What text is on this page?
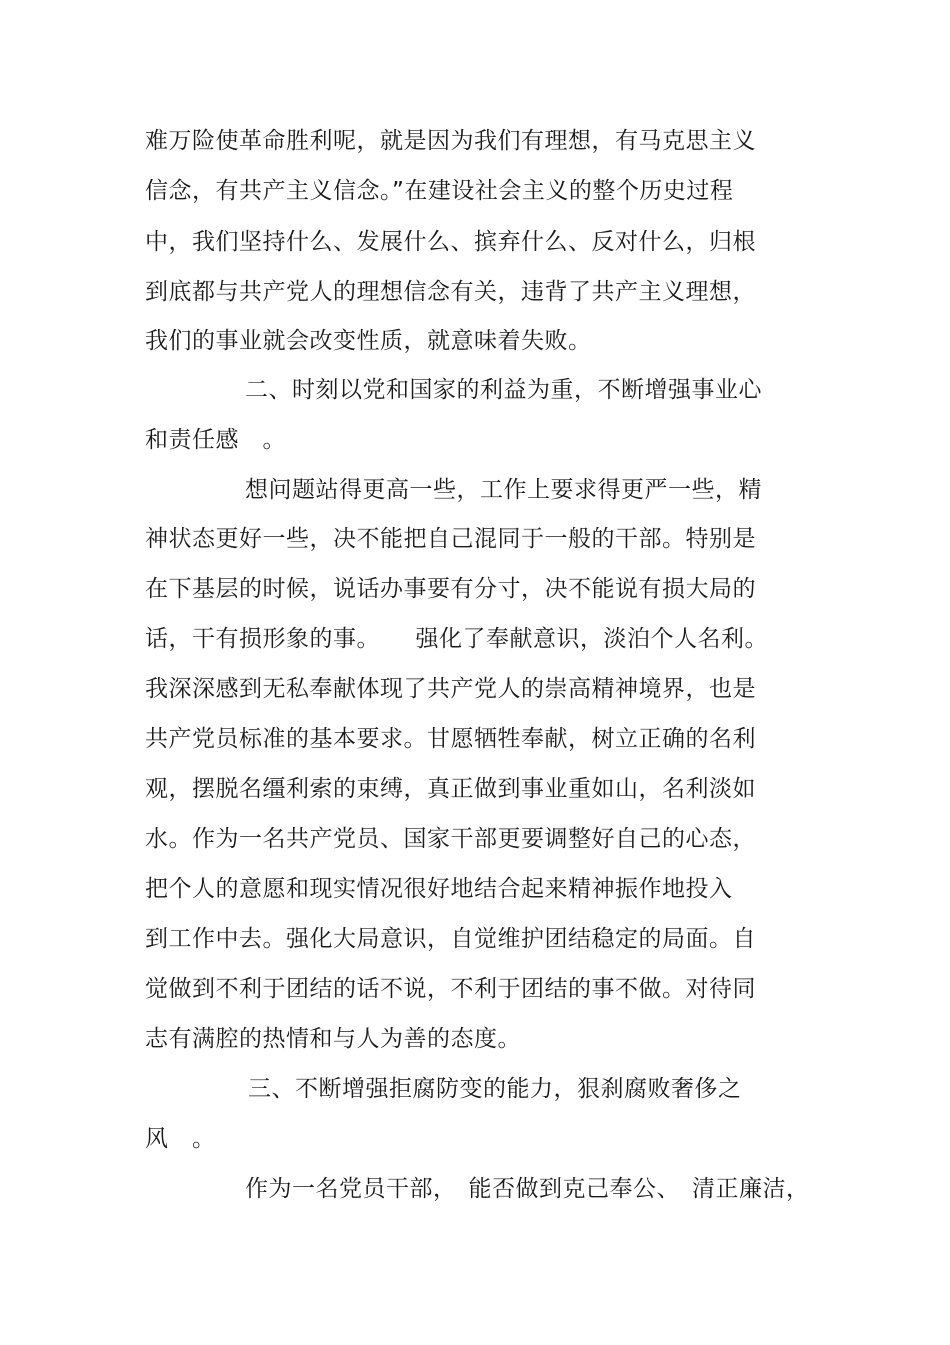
难万险使革命胜利呢，就是因为我们有理想，有马克思主义
信念，有共产主义信念。”在建设社会主义的整个历史过程
中，我们坚持什么、发展什么、摈弃什么、反对什么，归根
到底都与共产党人的理想信念有关，违背了共产主义理想，
我们的事业就会改变性质，就意味着失败。
二、时刻以党和国家的利益为重，不断增强事业心
和责任感　。
想问题站得更高一些，工作上要求得更严一些，精
神状态更好一些，决不能把自己混同于一般的干部。特别是
在下基层的时候，说话办事要有分寸，决不能说有损大局的
话，干有损形象的事。　　强化了奉献意识，淡泊个人名利。
我深深感到无私奉献体现了共产党人的崇高精神境界，也是
共产党员标准的基本要求。甘愿牺牲奉献，树立正确的名利
观，摆脱名缰利索的束缚，真正做到事业重如山，名利淡如
水。作为一名共产党员、国家干部更要调整好自己的心态，
把个人的意愿和现实情况很好地结合起来精神振作地投入
到工作中去。强化大局意识，自觉维护团结稳定的局面。自
觉做到不利于团结的话不说，不利于团结的事不做。对待同
志有满腔的热情和与人为善的态度。
三、不断增强拒腐防变的能力，狠刹腐败奢侈之
风　。
作为一名党员干部，　能否做到克己奉公、　清正廉洁，
